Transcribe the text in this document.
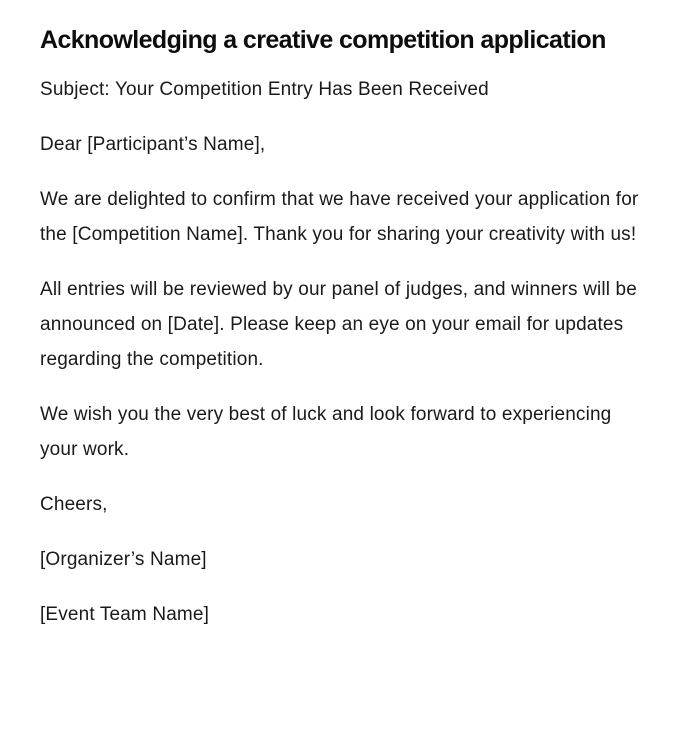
Acknowledging a creative competition application

Subject: Your Competition Entry Has Been Received

Dear [Participant’s Name],

We are delighted to confirm that we have received your application for the [Competition Name]. Thank you for sharing your creativity with us!

All entries will be reviewed by our panel of judges, and winners will be announced on [Date]. Please keep an eye on your email for updates regarding the competition.

We wish you the very best of luck and look forward to experiencing your work.

Cheers,

[Organizer’s Name]

[Event Team Name]
